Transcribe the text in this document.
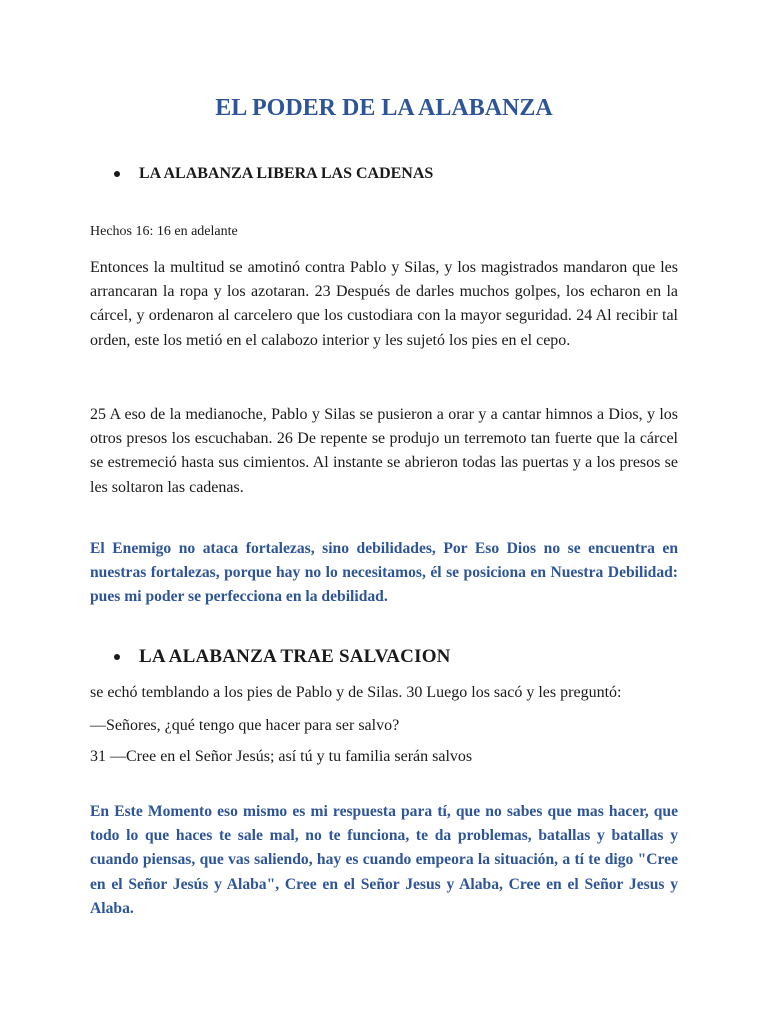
EL PODER DE LA ALABANZA
LA ALABANZA LIBERA LAS CADENAS
Hechos 16: 16 en adelante
Entonces la multitud se amotinó contra Pablo y Silas, y los magistrados mandaron que les arrancaran la ropa y los azotaran. 23 Después de darles muchos golpes, los echaron en la cárcel, y ordenaron al carcelero que los custodiara con la mayor seguridad. 24 Al recibir tal orden, este los metió en el calabozo interior y les sujetó los pies en el cepo.
25 A eso de la medianoche, Pablo y Silas se pusieron a orar y a cantar himnos a Dios, y los otros presos los escuchaban. 26 De repente se produjo un terremoto tan fuerte que la cárcel se estremeció hasta sus cimientos. Al instante se abrieron todas las puertas y a los presos se les soltaron las cadenas.
El Enemigo no ataca fortalezas, sino debilidades, Por Eso Dios no se encuentra en nuestras fortalezas, porque hay no lo necesitamos, él se posiciona en Nuestra Debilidad: pues mi poder se perfecciona en la debilidad.
LA ALABANZA TRAE SALVACION
se echó temblando a los pies de Pablo y de Silas. 30 Luego los sacó y les preguntó:
—Señores, ¿qué tengo que hacer para ser salvo?
31 —Cree en el Señor Jesús; así tú y tu familia serán salvos
En Este Momento eso mismo es mi respuesta para tí, que no sabes que mas hacer, que todo lo que haces te sale mal, no te funciona, te da problemas, batallas y batallas y cuando piensas, que vas saliendo, hay es cuando empeora la situación, a tí te digo "Cree en el Señor Jesús y Alaba", Cree en el Señor Jesus y Alaba, Cree en el Señor Jesus y Alaba.
